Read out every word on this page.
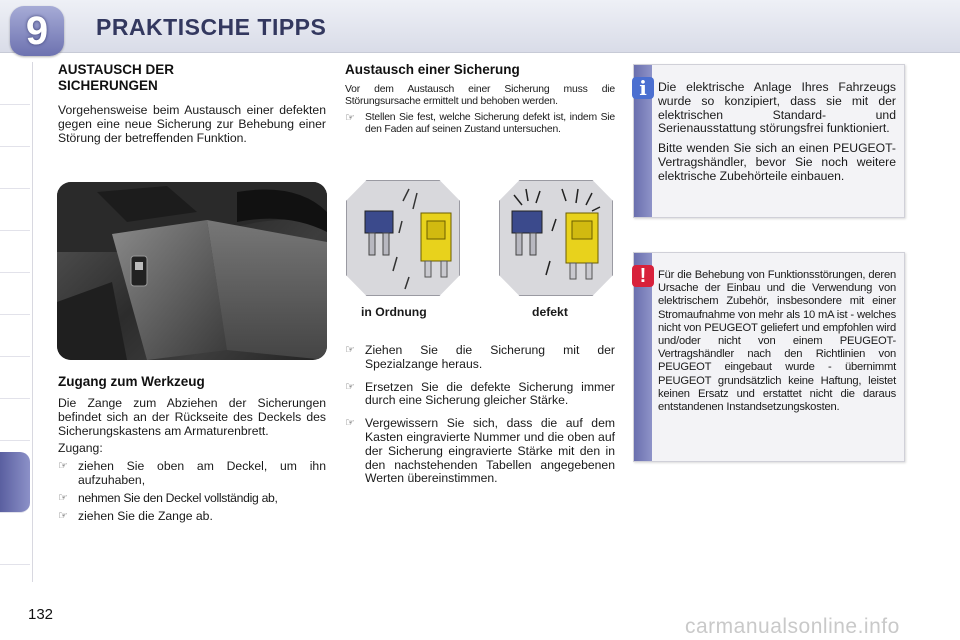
9	PRAKTISCHE TIPPS
AUSTAUSCH DER
SICHERUNGEN

Vorgehensweise beim Austausch einer defekten gegen eine neue Sicherung zur Behebung einer Störung der betreffenden Funktion.

Zugang zum Werkzeug

Die Zange zum Abziehen der Sicherungen befindet sich an der Rückseite des Deckels des Sicherungskastens am Armaturenbrett.

Zugang:

☞ ziehen Sie oben am Deckel, um ihn aufzuhaben,
☞ nehmen Sie den Deckel vollständig ab,
☞ ziehen Sie die Zange ab.
Austausch einer Sicherung

Vor dem Austausch einer Sicherung muss die Störungsursache ermittelt und behoben werden.

☞ Stellen Sie fest, welche Sicherung defekt ist, indem Sie den Faden auf seinen Zustand untersuchen.
in Ordnung	defekt
☞ Ziehen Sie die Sicherung mit der Spezialzange heraus.
☞ Ersetzen Sie die defekte Sicherung immer durch eine Sicherung gleicher Stärke.
☞ Vergewissern Sie sich, dass die auf dem Kasten eingravierte Nummer und die oben auf der Sicherung eingravierte Stärke mit den in den nachstehenden Tabellen angegebenen Werten übereinstimmen.
i Die elektrische Anlage Ihres Fahrzeugs wurde so konzipiert, dass sie mit der elektrischen Standard- und Serienausstattung störungsfrei funktioniert.

Bitte wenden Sie sich an einen PEUGEOT-Vertragshändler, bevor Sie noch weitere elektrische Zubehörteile einbauen.

!	Für die Behebung von Funktionsstörungen, deren Ursache der Einbau und die Verwendung von elektrischem Zubehör, insbesondere mit einer Stromaufnahme von mehr als 10 mA ist - welches nicht von PEUGEOT geliefert und empfohlen wird und/oder nicht von einem PEUGEOT-Vertragshändler nach den Richtlinien von PEUGEOT eingebaut wurde - übernimmt PEUGEOT grundsätzlich keine Haftung, leistet keinen Ersatz und erstattet nicht die daraus entstandenen Instandsetzungskosten.

132
carmanualsonline.info
